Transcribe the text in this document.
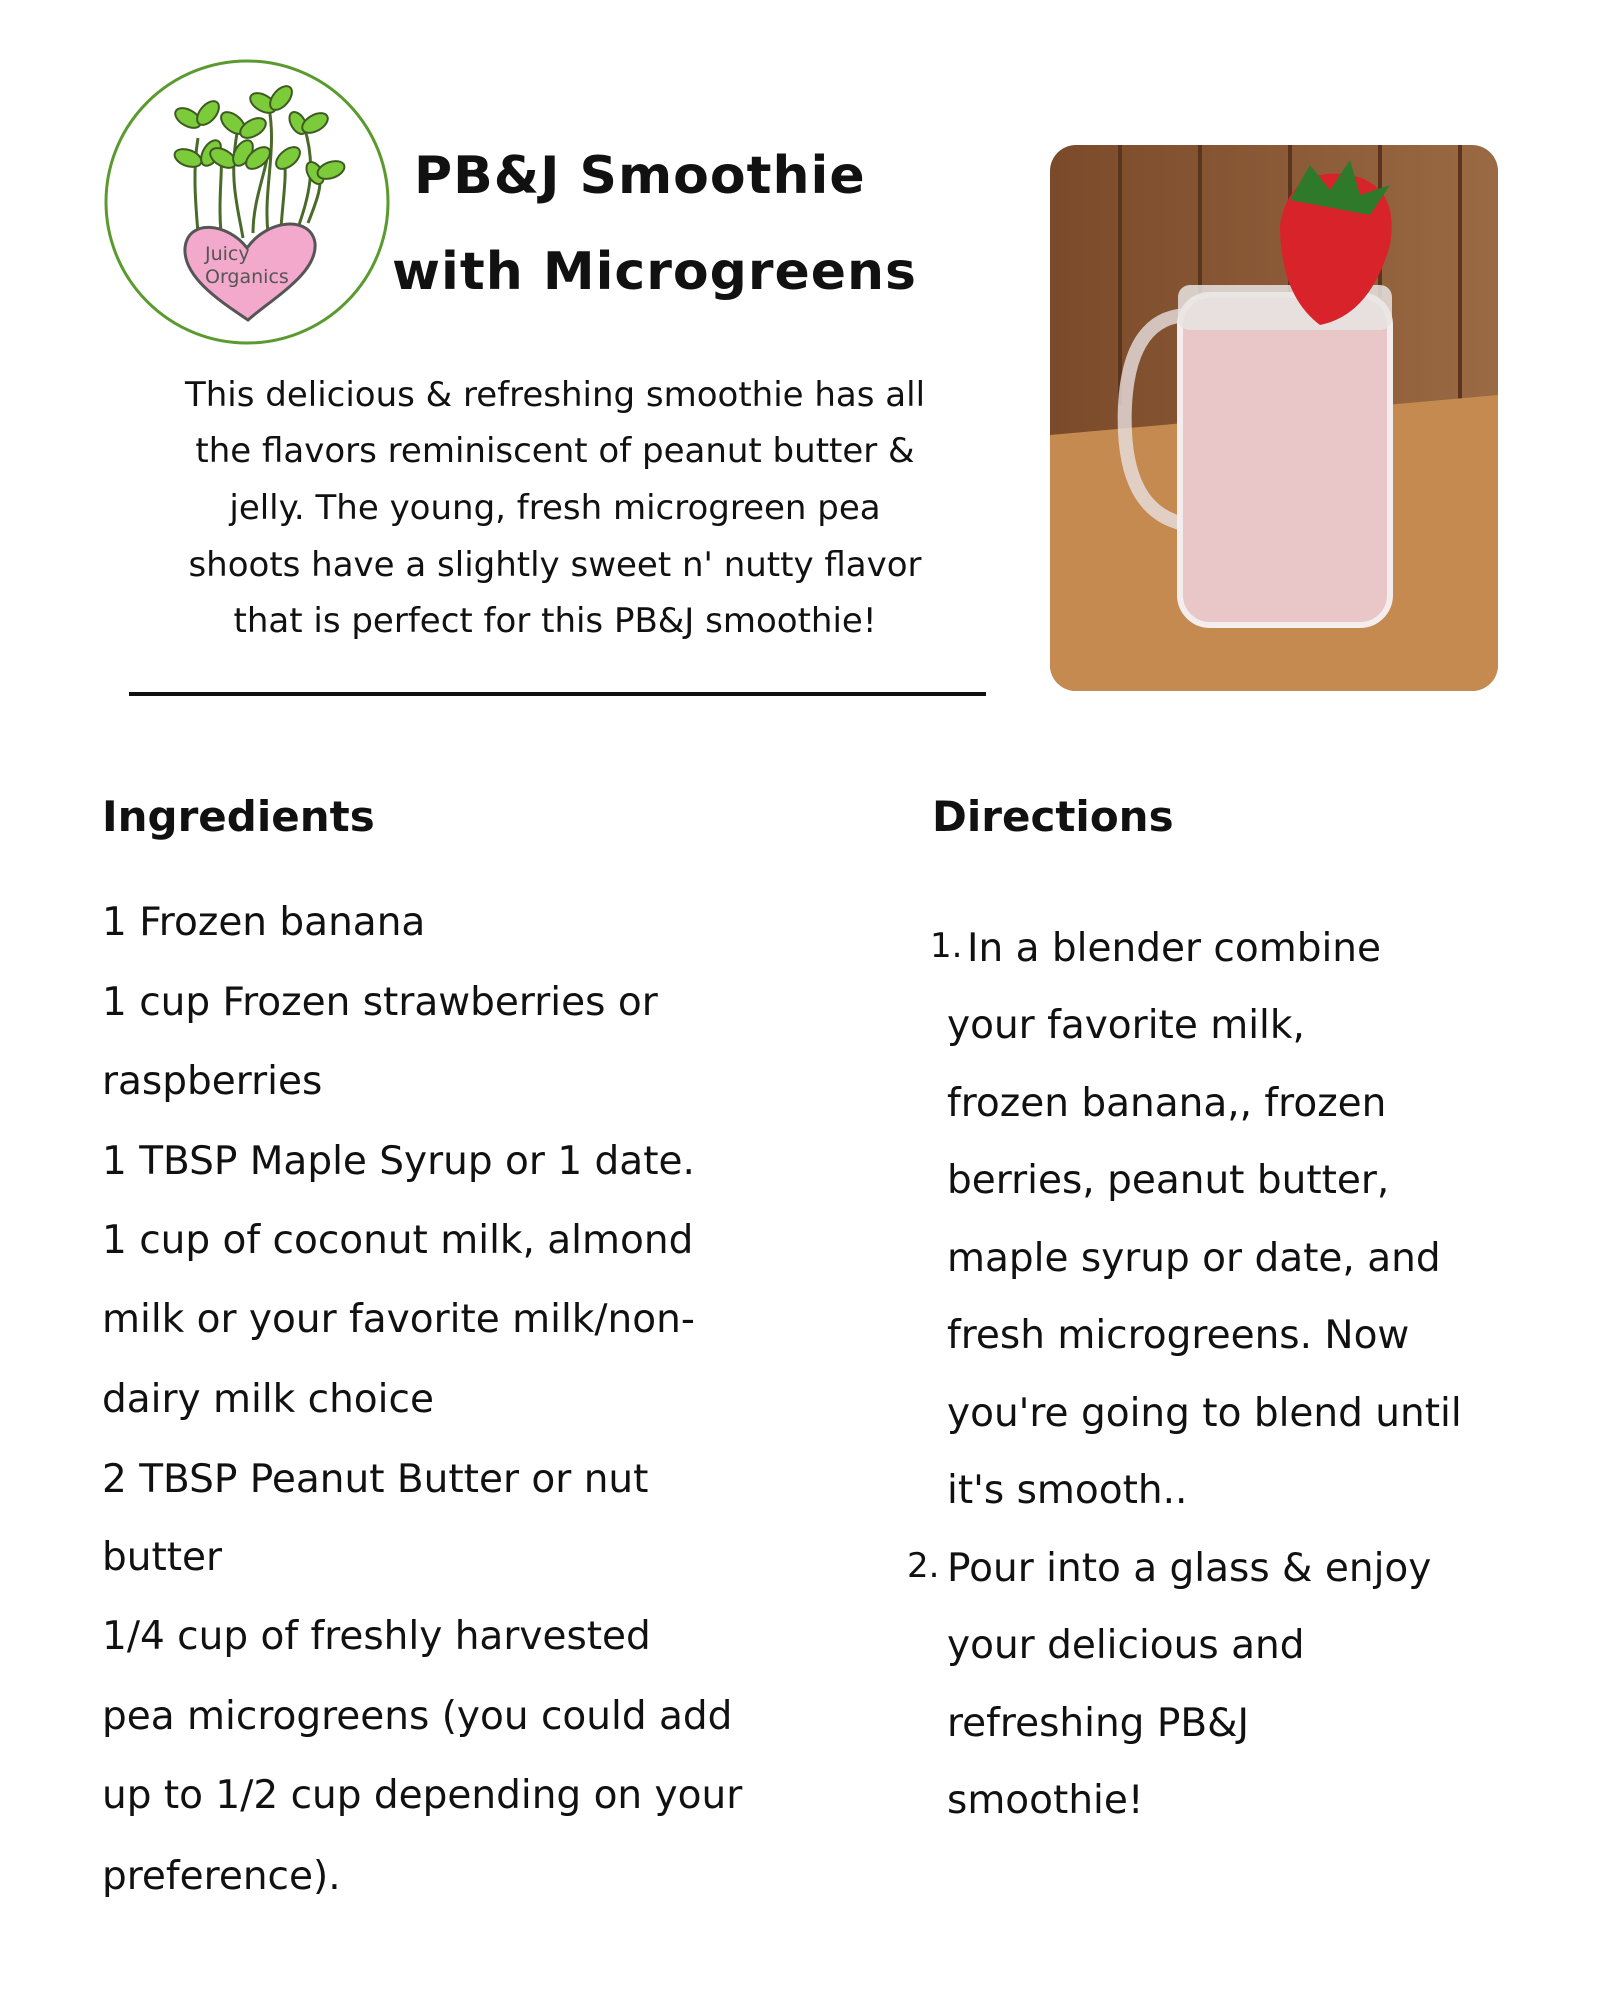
Juicy
Organics
PB&J Smoothie
with Microgreens
This delicious & refreshing smoothie has all
the flavors reminiscent of peanut butter &
jelly. The young, fresh microgreen pea
shoots have a slightly sweet n' nutty flavor
that is perfect for this PB&J smoothie!
Ingredients
1 Frozen banana
1 cup Frozen strawberries or
raspberries
1 TBSP Maple Syrup or 1 date.
1 cup of coconut milk, almond
milk or your favorite milk/non-
dairy milk choice
2 TBSP Peanut Butter or nut
butter
1/4 cup of freshly harvested
pea microgreens (you could add
up to 1/2 cup depending on your
preference).
Directions
1. In a blender combine
your favorite milk,
frozen banana,, frozen
berries, peanut butter,
maple syrup or date, and
fresh microgreens. Now
you're going to blend until
it's smooth..
2. Pour into a glass & enjoy
your delicious and
refreshing PB&J
smoothie!
